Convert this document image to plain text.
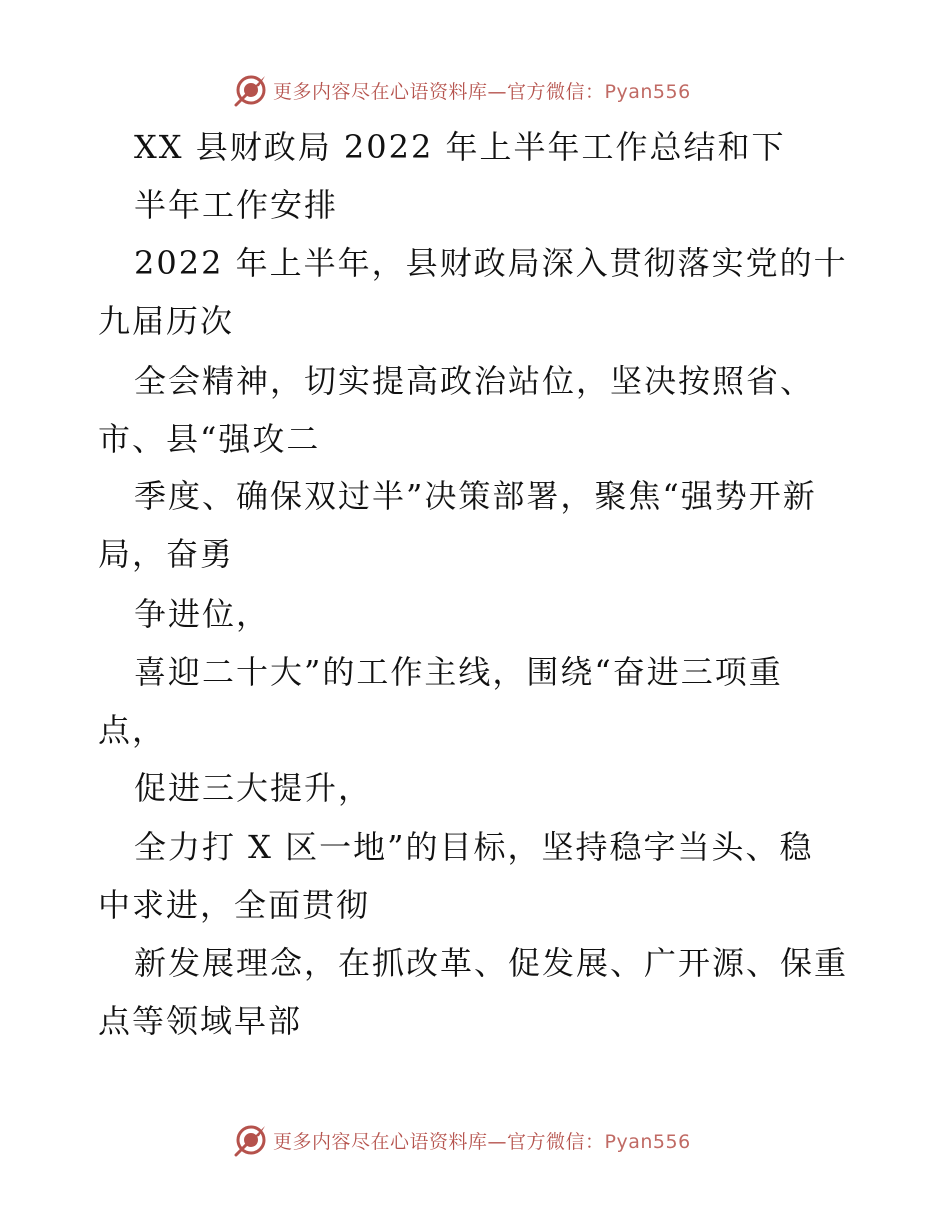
更多内容尽在心语资料库—官方微信：Pyan556
XX 县财政局 2022 年上半年工作总结和下
半年工作安排
2022 年上半年，县财政局深入贯彻落实党的十
九届历次
全会精神，切实提高政治站位，坚决按照省、
市、县“强攻二
季度、确保双过半”决策部署，聚焦“强势开新
局，奋勇
争进位，
喜迎二十大”的工作主线，围绕“奋进三项重
点，
促进三大提升，
全力打 X 区一地”的目标，坚持稳字当头、稳
中求进，全面贯彻
新发展理念，在抓改革、促发展、广开源、保重
点等领域早部
更多内容尽在心语资料库—官方微信：Pyan556
